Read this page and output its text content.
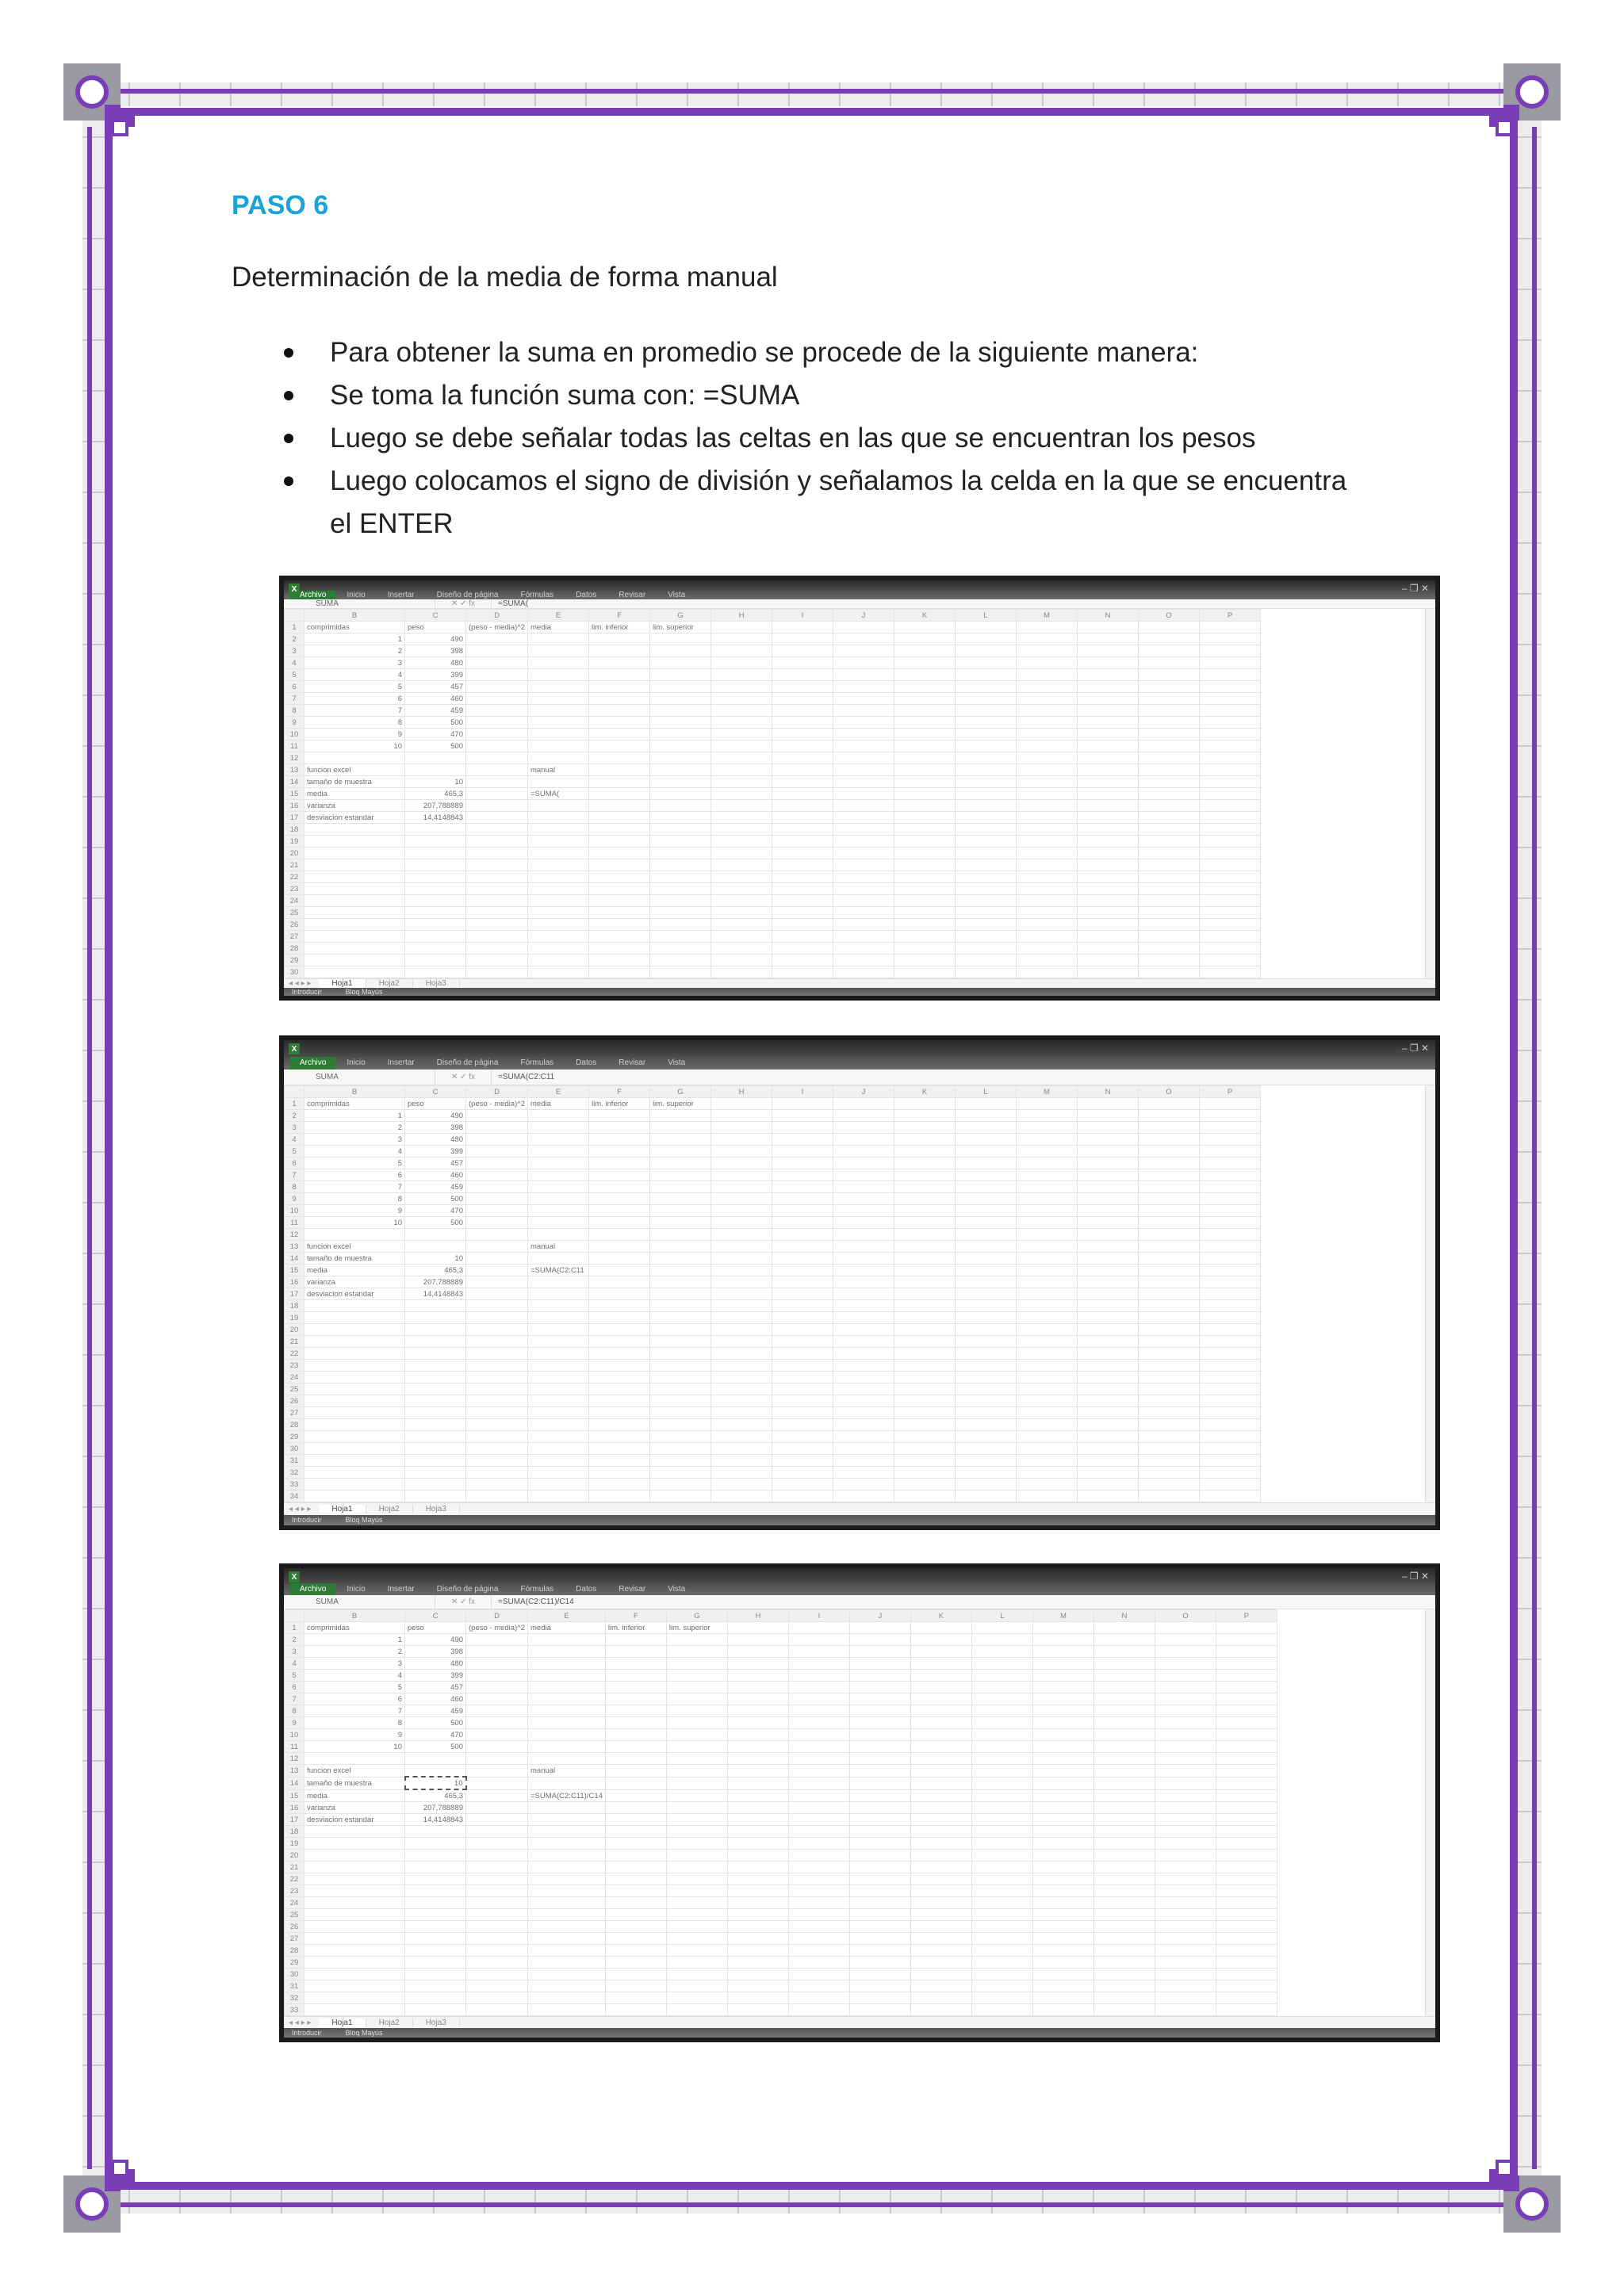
PASO 6
Determinación de la media de forma manual
Para obtener la suma en promedio se procede de la siguiente manera:
Se toma la función suma con: =SUMA
Luego se debe señalar todas las celtas en las que se encuentran los pesos
Luego colocamos el signo de división y señalamos la celda en la que se encuentra el ENTER
X	– ❐ ✕
Archivo	Inicio	Insertar	Diseño de página	Fórmulas	Datos	Revisar	Vista
SUMA	✕ ✓ fx	=SUMA(
	B	C	D	E	F	G	H	I	J	K	L	M	N	O	P
1	comprimidas	peso	(peso - media)^2	media	lim. inferior	lim. superior									
2	1	490													
3	2	398													
4	3	480													
5	4	399													
6	5	457													
7	6	460													
8	7	459													
9	8	500													
10	9	470													
11	10	500													
12															
13	funcion excel			manual											
14	tamaño de muestra	10													
15	media	465,3		=SUMA(											
16	varianza	207,788889													
17	desviacion estandar	14,4148843													
18															
19															
20															
21															
22															
23															
24															
25															
26															
27															
28															
29															
30															
◂ ◂ ▸ ▸	Hoja1	Hoja2	Hoja3
Introducir	Bloq Mayús
X	– ❐ ✕
Archivo	Inicio	Insertar	Diseño de página	Fórmulas	Datos	Revisar	Vista
SUMA	✕ ✓ fx	=SUMA(C2:C11
	B	C	D	E	F	G	H	I	J	K	L	M	N	O	P
1	comprimidas	peso	(peso - media)^2	media	lim. inferior	lim. superior									
2	1	490													
3	2	398													
4	3	480													
5	4	399													
6	5	457													
7	6	460													
8	7	459													
9	8	500													
10	9	470													
11	10	500													
12															
13	funcion excel			manual											
14	tamaño de muestra	10													
15	media	465,3		=SUMA(C2:C11											
16	varianza	207,788889													
17	desviacion estandar	14,4148843													
18															
19															
20															
21															
22															
23															
24															
25															
26															
27															
28															
29															
30															
31															
32															
33															
34															
◂ ◂ ▸ ▸	Hoja1	Hoja2	Hoja3
Introducir	Bloq Mayús
X	– ❐ ✕
Archivo	Inicio	Insertar	Diseño de página	Fórmulas	Datos	Revisar	Vista
SUMA	✕ ✓ fx	=SUMA(C2:C11)/C14
	B	C	D	E	F	G	H	I	J	K	L	M	N	O	P
1	comprimidas	peso	(peso - media)^2	media	lim. inferior	lim. superior									
2	1	490													
3	2	398													
4	3	480													
5	4	399													
6	5	457													
7	6	460													
8	7	459													
9	8	500													
10	9	470													
11	10	500													
12															
13	funcion excel			manual											
14	tamaño de muestra	10													
15	media	465,3		=SUMA(C2:C11)/C14											
16	varianza	207,788889													
17	desviacion estandar	14,4148843													
18															
19															
20															
21															
22															
23															
24															
25															
26															
27															
28															
29															
30															
31															
32															
33															
◂ ◂ ▸ ▸	Hoja1	Hoja2	Hoja3
Introducir	Bloq Mayús
